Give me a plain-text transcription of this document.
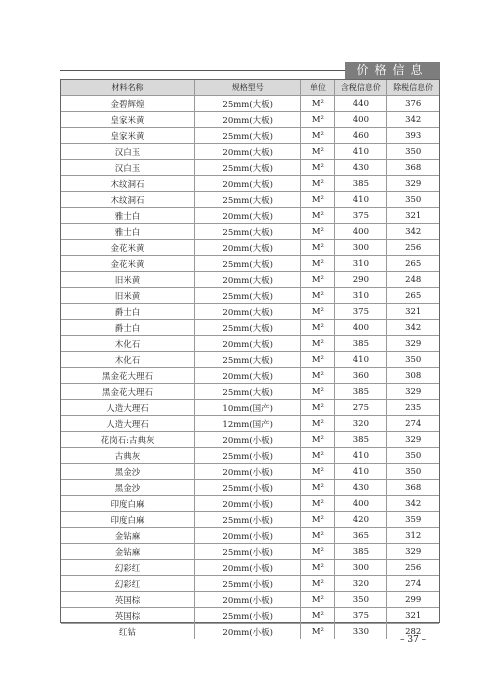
价格信息
材料名称	规格型号	单位	含税信息价	除税信息价
金碧辉煌	25mm(大板)	M²	440	376
皇家米黄	20mm(大板)	M²	400	342
皇家米黄	25mm(大板)	M²	460	393
汉白玉	20mm(大板)	M²	410	350
汉白玉	25mm(大板)	M²	430	368
木纹洞石	20mm(大板)	M²	385	329
木纹洞石	25mm(大板)	M²	410	350
雅士白	20mm(大板)	M²	375	321
雅士白	25mm(大板)	M²	400	342
金花米黄	20mm(大板)	M²	300	256
金花米黄	25mm(大板)	M²	310	265
旧米黄	20mm(大板)	M²	290	248
旧米黄	25mm(大板)	M²	310	265
爵士白	20mm(大板)	M²	375	321
爵士白	25mm(大板)	M²	400	342
木化石	20mm(大板)	M²	385	329
木化石	25mm(大板)	M²	410	350
黑金花大理石	20mm(大板)	M²	360	308
黑金花大理石	25mm(大板)	M²	385	329
人造大理石	10mm(国产)	M²	275	235
人造大理石	12mm(国产)	M²	320	274
花岗石:古典灰	20mm(小板)	M²	385	329
古典灰	25mm(小板)	M²	410	350
黑金沙	20mm(小板)	M²	410	350
黑金沙	25mm(小板)	M²	430	368
印度白麻	20mm(小板)	M²	400	342
印度白麻	25mm(小板)	M²	420	359
金钻麻	20mm(小板)	M²	365	312
金钻麻	25mm(小板)	M²	385	329
幻彩红	20mm(小板)	M²	300	256
幻彩红	25mm(小板)	M²	320	274
英国棕	20mm(小板)	M²	350	299
英国棕	25mm(小板)	M²	375	321
红钻	20mm(小板)	M²	330	282
– 37 –
